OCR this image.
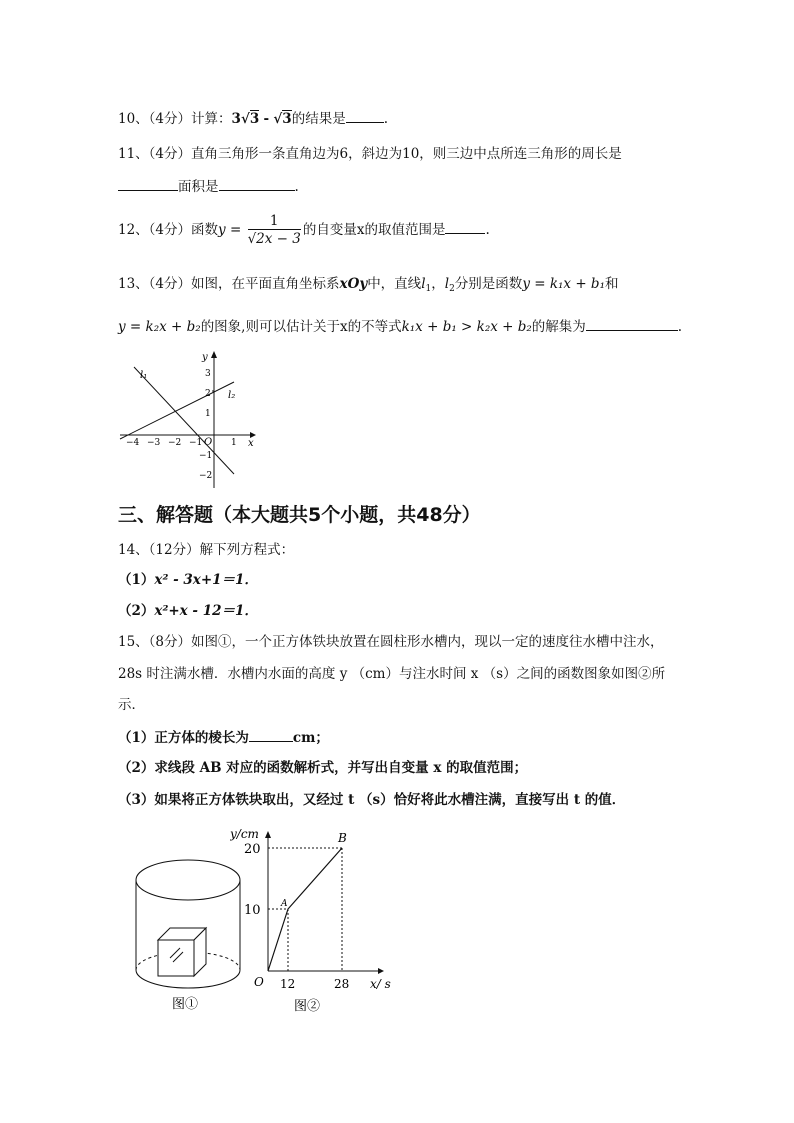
10、（4分）计算：3√3 - √3的结果是	.
11、（4分）直角三角形一条直角边为6，斜边为10，则三边中点所连三角形的周长是
面积是	.
12、（4分）函数$y = \frac{1}{√2x - 3}$ 的自变量x的取值范围是	.
13、（4分）如图，在平面直角坐标系xOy中，直线$l_1$，$l_2$分别是函数y = k₁x + b₁和
y = k₂x + b₂的图象,则可以估计关于x的不等式k₁x + b₁ > k₂x + b₂的解集为	.
y
x
O
l₁
l₂
−4 −3 −2 −1	1
3
2
1
−1
−2
三、解答题（本大题共5个小题，共48分）
14、（12分）解下列方程式：
（1）x² - 3x+1＝1．
（2）x²+x - 12＝1．
15、（8分）如图①，一个正方体铁块放置在圆柱形水槽内，现以一定的速度往水槽中注水，
28s 时注满水槽．水槽内水面的高度 y （cm）与注水时间 x （s）之间的函数图象如图②所
示．
（1）正方体的棱长为	cm；
（2）求线段 AB 对应的函数解析式，并写出自变量 x 的取值范围；
（3）如果将正方体铁块取出，又经过 t （s）恰好将此水槽注满，直接写出 t 的值．
图①
y/cm
x/ s
O
A
B
20
10
12	28
图②
